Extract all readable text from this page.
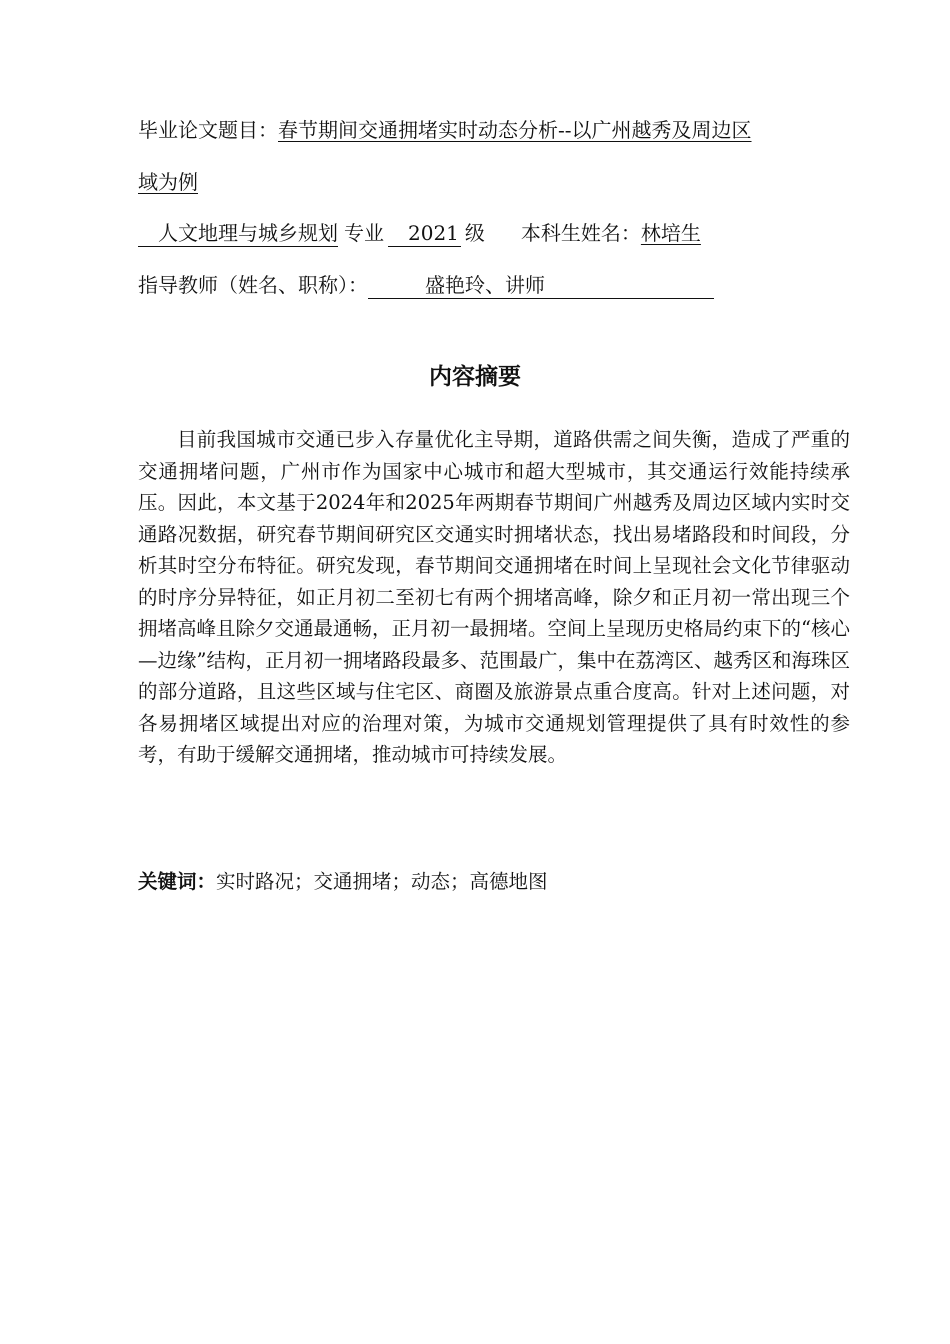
毕业论文题目：春节期间交通拥堵实时动态分析--以广州越秀及周边区
域为例
人文地理与城乡规划 专业 2021 级 本科生姓名：林培生
指导教师（姓名、职称）：	盛艳玲、讲师
内容摘要

目前我国城市交通已步入存量优化主导期，道路供需之间失衡，造成了严重的交通拥堵问题，广州市作为国家中心城市和超大型城市，其交通运行效能持续承压。因此，本文基于2024年和2025年两期春节期间广州越秀及周边区域内实时交通路况数据，研究春节期间研究区交通实时拥堵状态，找出易堵路段和时间段，分析其时空分布特征。研究发现，春节期间交通拥堵在时间上呈现社会文化节律驱动的时序分异特征，如正月初二至初七有两个拥堵高峰，除夕和正月初一常出现三个拥堵高峰且除夕交通最通畅，正月初一最拥堵。空间上呈现历史格局约束下的“核心—边缘”结构，正月初一拥堵路段最多、范围最广，集中在荔湾区、越秀区和海珠区的部分道路，且这些区域与住宅区、商圈及旅游景点重合度高。针对上述问题，对各易拥堵区域提出对应的治理对策，为城市交通规划管理提供了具有时效性的参考，有助于缓解交通拥堵，推动城市可持续发展。

关键词：实时路况；交通拥堵；动态；高德地图
